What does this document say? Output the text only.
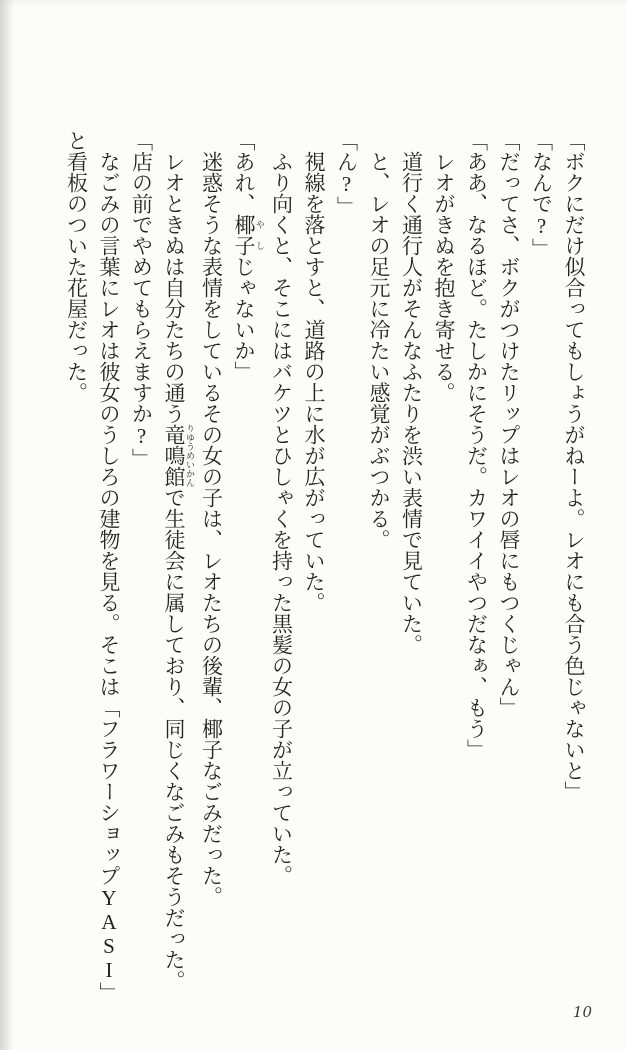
「ボクにだけ似合ってもしょうがねーよ。レオにも合う色じゃないと」

「なんで?」

「だってさ、ボクがつけたリップはレオの唇にもつくじゃん」

「ああ、なるほど。たしかにそうだ。カワイイやつだなぁ、もう」

レオがきぬを抱き寄せる。

道行く通行人がそんなふたりを渋い表情で見ていた。

と、レオの足元に冷たい感覚がぶつかる。

「ん?」

視線を落とすと、道路の上に水が広がっていた。

ふり向くと、そこにはバケツとひしゃくを持った黒髪の女の子が立っていた。

「あれ、椰子 やしじゃないか」

迷惑そうな表情をしているその女の子は、レオたちの後輩、椰子なごみだった。

レオときぬは自分たちの通う竜鳴館 りゆうめいかんで生徒会に属しており、同じくなごみもそうだった。

「店の前でやめてもらえますか?」

なごみの言葉にレオは彼女のうしろの建物を見る。そこは「フラワーショップYASI」と看板のついた花屋だった。

10
